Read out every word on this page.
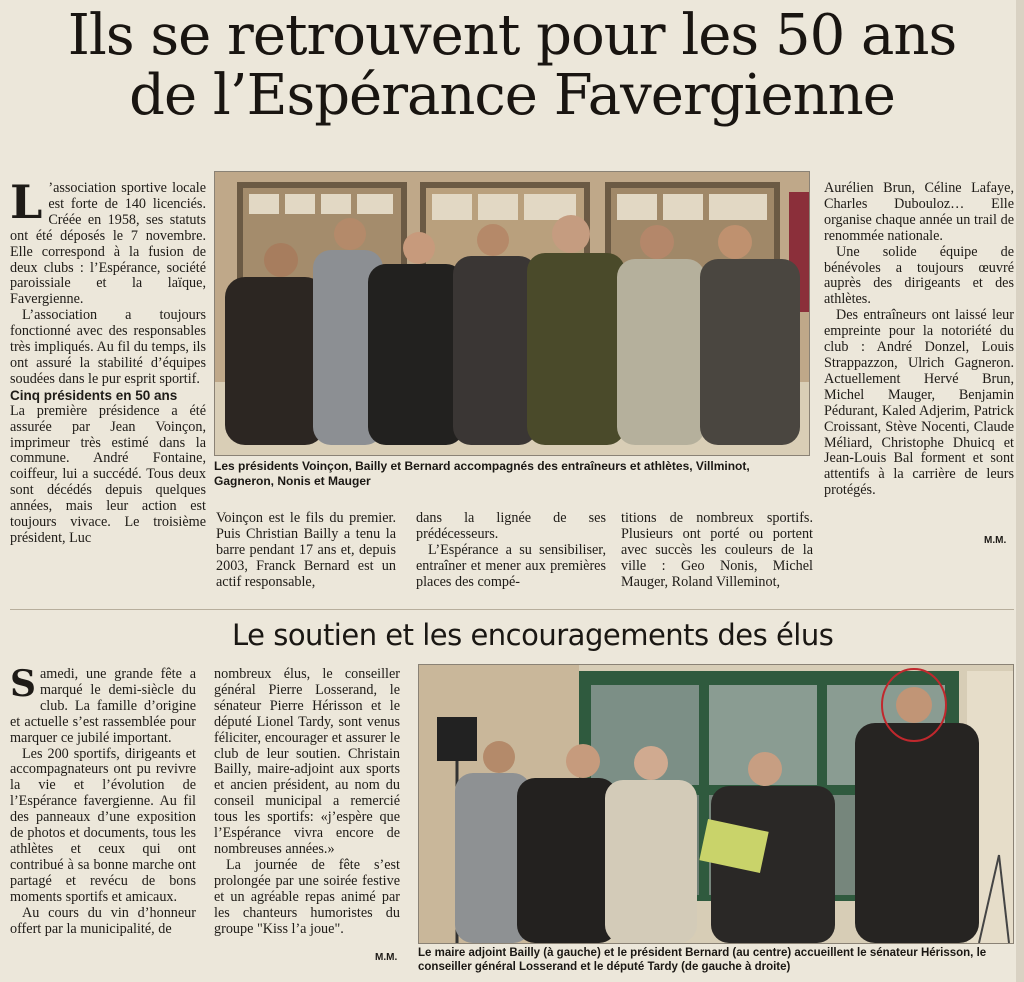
Ils se retrouvent pour les 50 ans
de l’Espérance Favergienne

L ’association sportive locale est forte de 140 licenciés. Créée en 1958, ses statuts ont été déposés le 7 novembre. Elle correspond à la fusion de deux clubs : l’Espérance, société paroissiale et la laïque, Favergienne.

L’association a toujours fonctionné avec des responsables très impliqués. Au fil du temps, ils ont assuré la stabilité d’équipes soudées dans le pur esprit sportif.

Cinq présidents en 50 ans

La première présidence a été assurée par Jean Voinçon, imprimeur très estimé dans la commune. André Fontaine, coiffeur, lui a succédé. Tous deux sont décédés depuis quelques années, mais leur action est toujours vivace. Le troisième président, Luc

Les présidents Voinçon, Bailly et Bernard accompagnés des entraîneurs et athlètes, Villminot, Gagneron, Nonis et Mauger

Voinçon est le fils du premier. Puis Christian Bailly a tenu la barre pendant 17 ans et, depuis 2003, Franck Bernard est un actif responsable,

dans la lignée de ses prédécesseurs.

L’Espérance a su sensibiliser, entraîner et mener aux premières places des compé-

titions de nombreux sportifs. Plusieurs ont porté ou portent avec succès les couleurs de la ville : Geo Nonis, Michel Mauger, Roland Villeminot,

Aurélien Brun, Céline Lafaye, Charles Dubouloz… Elle organise chaque année un trail de renommée nationale.

Une solide équipe de bénévoles a toujours œuvré auprès des dirigeants et des athlètes.

Des entraîneurs ont laissé leur empreinte pour la notoriété du club : André Donzel, Louis Strappazzon, Ulrich Gagneron. Actuellement Hervé Brun, Michel Mauger, Benjamin Pédurant, Kaled Adjerim, Patrick Croissant, Stève Nocenti, Claude Méliard, Christophe Dhuicq et Jean-Louis Bal forment et sont attentifs à la carrière de leurs protégés.

M.M.
Le soutien et les encouragements des élus

Samedi, une grande fête a marqué le demi-siècle du club. La famille d’origine et actuelle s’est rassemblée pour marquer ce jubilé important.

Les 200 sportifs, dirigeants et accompagnateurs ont pu revivre la vie et l’évolution de l’Espérance favergienne. Au fil des panneaux d’une exposition de photos et documents, tous les athlètes et ceux qui ont contribué à sa bonne marche ont partagé et revécu de bons moments sportifs et amicaux.

Au cours du vin d’honneur offert par la municipalité, de

nombreux élus, le conseiller général Pierre Losserand, le sénateur Pierre Hérisson et le député Lionel Tardy, sont venus féliciter, encourager et assurer le club de leur soutien. Christain Bailly, maire-adjoint aux sports et ancien président, au nom du conseil municipal a remercié tous les sportifs: «j’espère que l’Espérance vivra encore de nombreuses années.»

La journée de fête s’est prolongée par une soirée festive et un agréable repas animé par les chanteurs humoristes du groupe "Kiss l’a joue".

M.M. Le maire adjoint Bailly (à gauche) et le président Bernard (au centre) accueillent le sénateur Hérisson, le conseiller général Losserand et le député Tardy (de gauche à droite)
